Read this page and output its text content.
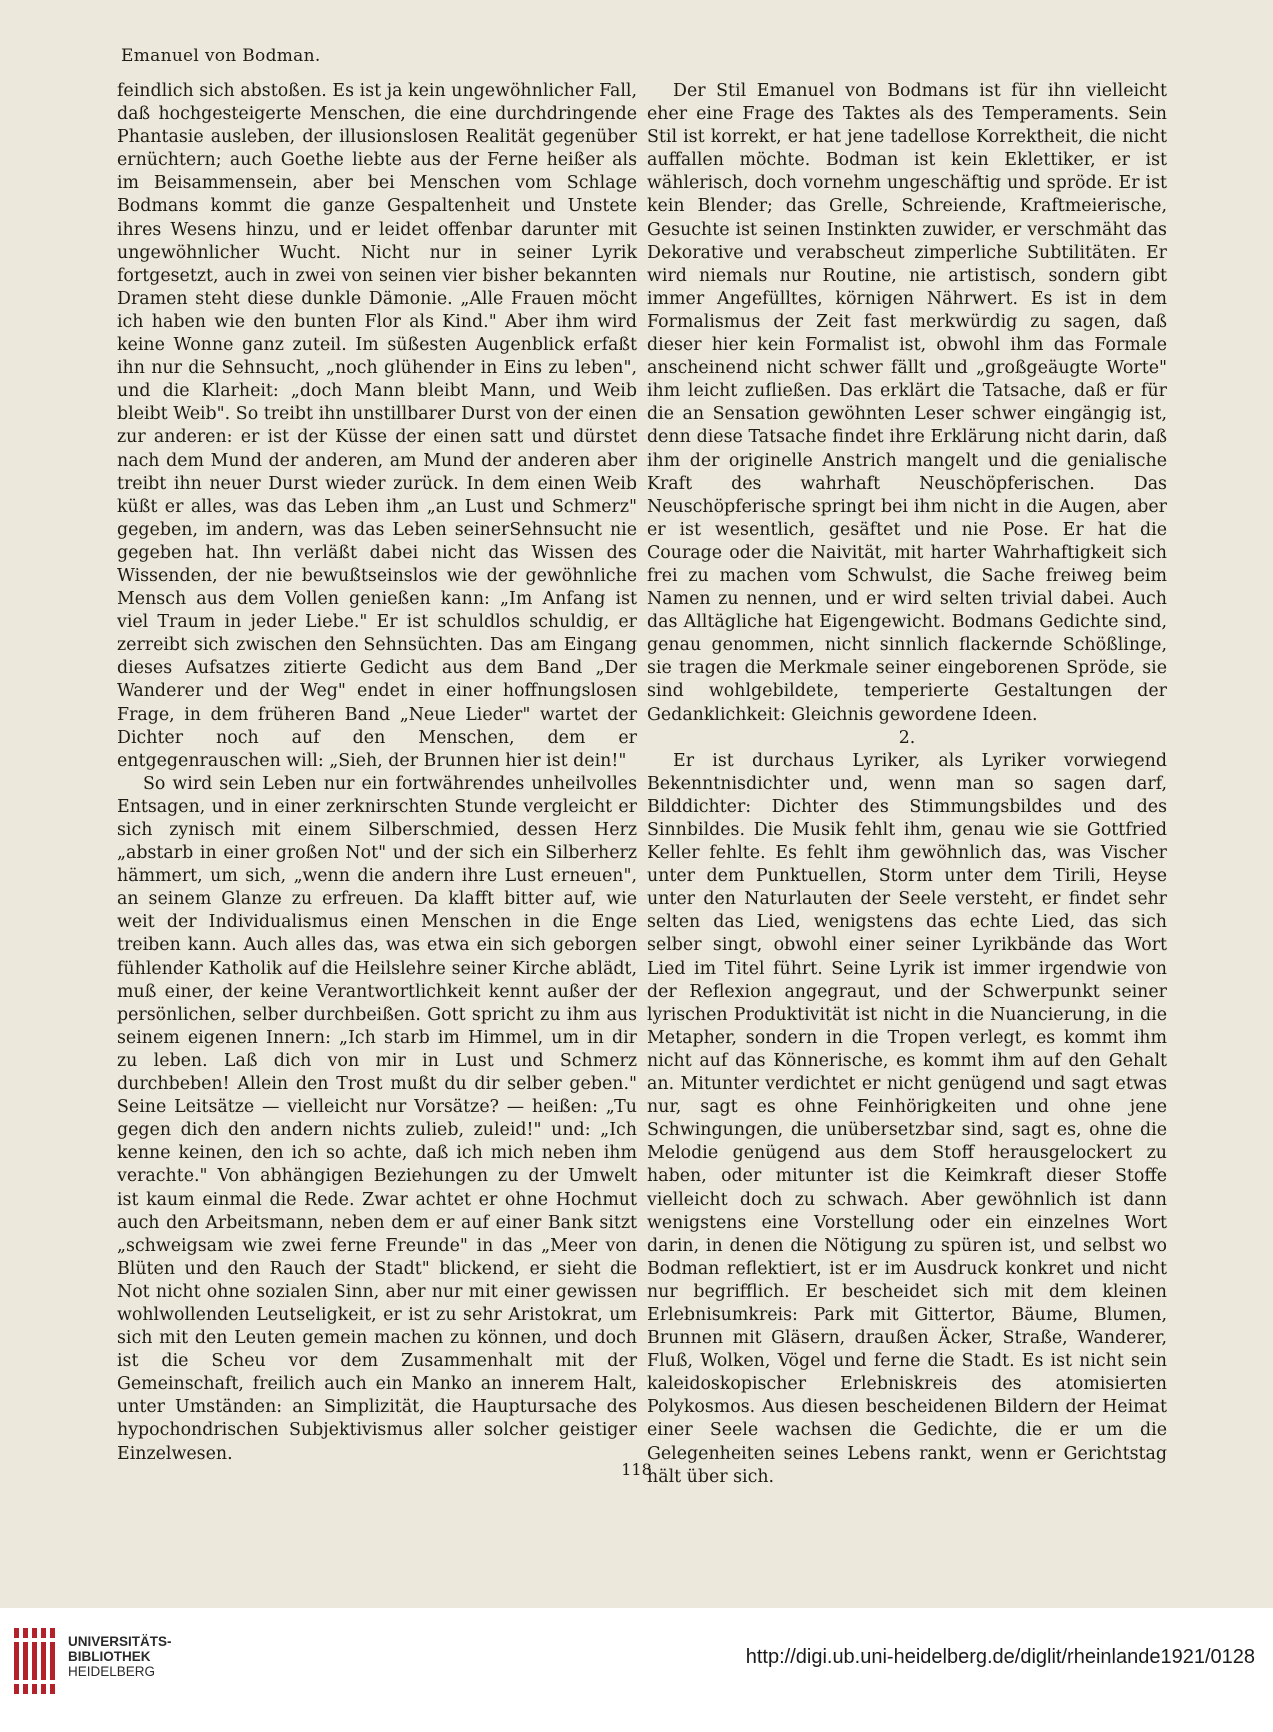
Emanuel von Bodman.

feindlich sich abstoßen. Es ist ja kein ungewöhnlicher Fall, daß hochgesteigerte Menschen, die eine durchdringende Phantasie ausleben, der illusionslosen Realität gegenüber ernüchtern; auch Goethe liebte aus der Ferne heißer als im Beisammensein, aber bei Menschen vom Schlage Bodmans kommt die ganze Gespaltenheit und Unstete ihres Wesens hinzu, und er leidet offenbar darunter mit ungewöhnlicher Wucht. Nicht nur in seiner Lyrik fortgesetzt, auch in zwei von seinen vier bisher bekannten Dramen steht diese dunkle Dämonie. „Alle Frauen möcht ich haben wie den bunten Flor als Kind." Aber ihm wird keine Wonne ganz zuteil. Im süßesten Augenblick erfaßt ihn nur die Sehnsucht, „noch glühender in Eins zu leben", und die Klarheit: „doch Mann bleibt Mann, und Weib bleibt Weib". So treibt ihn unstillbarer Durst von der einen zur anderen: er ist der Küsse der einen satt und dürstet nach dem Mund der anderen, am Mund der anderen aber treibt ihn neuer Durst wieder zurück. In dem einen Weib küßt er alles, was das Leben ihm „an Lust und Schmerz" gegeben, im andern, was das Leben seinerSehnsucht nie gegeben hat. Ihn verläßt dabei nicht das Wissen des Wissenden, der nie bewußtseinslos wie der gewöhnliche Mensch aus dem Vollen genießen kann: „Im Anfang ist viel Traum in jeder Liebe." Er ist schuldlos schuldig, er zerreibt sich zwischen den Sehnsüchten. Das am Eingang dieses Aufsatzes zitierte Gedicht aus dem Band „Der Wanderer und der Weg" endet in einer hoffnungslosen Frage, in dem früheren Band „Neue Lieder" wartet der Dichter noch auf den Menschen, dem er entgegenrauschen will: „Sieh, der Brunnen hier ist dein!"

So wird sein Leben nur ein fortwährendes unheilvolles Entsagen, und in einer zerknirschten Stunde vergleicht er sich zynisch mit einem Silberschmied, dessen Herz „abstarb in einer großen Not" und der sich ein Silberherz hämmert, um sich, „wenn die andern ihre Lust erneuen", an seinem Glanze zu erfreuen. Da klafft bitter auf, wie weit der Individualismus einen Menschen in die Enge treiben kann. Auch alles das, was etwa ein sich geborgen fühlender Katholik auf die Heilslehre seiner Kirche ablädt, muß einer, der keine Verantwortlichkeit kennt außer der persönlichen, selber durchbeißen. Gott spricht zu ihm aus seinem eigenen Innern: „Ich starb im Himmel, um in dir zu leben. Laß dich von mir in Lust und Schmerz durchbeben! Allein den Trost mußt du dir selber geben." Seine Leitsätze — vielleicht nur Vorsätze? — heißen: „Tu gegen dich den andern nichts zulieb, zuleid!" und: „Ich kenne keinen, den ich so achte, daß ich mich neben ihm verachte." Von abhängigen Beziehungen zu der Umwelt ist kaum einmal die Rede. Zwar achtet er ohne Hochmut auch den Arbeitsmann, neben dem er auf einer Bank sitzt „schweigsam wie zwei ferne Freunde" in das „Meer von Blüten und den Rauch der Stadt" blickend, er sieht die Not nicht ohne sozialen Sinn, aber nur mit einer gewissen wohlwollenden Leutseligkeit, er ist zu sehr Aristokrat, um sich mit den Leuten gemein machen zu können, und doch ist die Scheu vor dem Zusammenhalt mit der Gemeinschaft, freilich auch ein Manko an innerem Halt, unter Umständen: an Simplizität, die Hauptursache des hypochondrischen Subjektivismus aller solcher geistiger Einzelwesen.

Der Stil Emanuel von Bodmans ist für ihn vielleicht eher eine Frage des Taktes als des Temperaments. Sein Stil ist korrekt, er hat jene tadellose Korrektheit, die nicht auffallen möchte. Bodman ist kein Eklettiker, er ist wählerisch, doch vornehm ungeschäftig und spröde. Er ist kein Blender; das Grelle, Schreiende, Kraftmeierische, Gesuchte ist seinen Instinkten zuwider, er verschmäht das Dekorative und verabscheut zimperliche Subtilitäten. Er wird niemals nur Routine, nie artistisch, sondern gibt immer Angefülltes, körnigen Nährwert. Es ist in dem Formalismus der Zeit fast merkwürdig zu sagen, daß dieser hier kein Formalist ist, obwohl ihm das Formale anscheinend nicht schwer fällt und „großgeäugte Worte" ihm leicht zufließen. Das erklärt die Tatsache, daß er für die an Sensation gewöhnten Leser schwer eingängig ist, denn diese Tatsache findet ihre Erklärung nicht darin, daß ihm der originelle Anstrich mangelt und die genialische Kraft des wahrhaft Neuschöpferischen. Das Neuschöpferische springt bei ihm nicht in die Augen, aber er ist wesentlich, gesäftet und nie Pose. Er hat die Courage oder die Naivität, mit harter Wahrhaftigkeit sich frei zu machen vom Schwulst, die Sache freiweg beim Namen zu nennen, und er wird selten trivial dabei. Auch das Alltägliche hat Eigengewicht. Bodmans Gedichte sind, genau genommen, nicht sinnlich flackernde Schößlinge, sie tragen die Merkmale seiner eingeborenen Spröde, sie sind wohlgebildete, temperierte Gestaltungen der Gedanklichkeit: Gleichnis gewordene Ideen.

2.

Er ist durchaus Lyriker, als Lyriker vorwiegend Bekenntnisdichter und, wenn man so sagen darf, Bilddichter: Dichter des Stimmungsbildes und des Sinnbildes. Die Musik fehlt ihm, genau wie sie Gottfried Keller fehlte. Es fehlt ihm gewöhnlich das, was Vischer unter dem Punktuellen, Storm unter dem Tirili, Heyse unter den Naturlauten der Seele versteht, er findet sehr selten das Lied, wenigstens das echte Lied, das sich selber singt, obwohl einer seiner Lyrikbände das Wort Lied im Titel führt. Seine Lyrik ist immer irgendwie von der Reflexion angegraut, und der Schwerpunkt seiner lyrischen Produktivität ist nicht in die Nuancierung, in die Metapher, sondern in die Tropen verlegt, es kommt ihm nicht auf das Könnerische, es kommt ihm auf den Gehalt an. Mitunter verdichtet er nicht genügend und sagt etwas nur, sagt es ohne Feinhörigkeiten und ohne jene Schwingungen, die unübersetzbar sind, sagt es, ohne die Melodie genügend aus dem Stoff herausgelockert zu haben, oder mitunter ist die Keimkraft dieser Stoffe vielleicht doch zu schwach. Aber gewöhnlich ist dann wenigstens eine Vorstellung oder ein einzelnes Wort darin, in denen die Nötigung zu spüren ist, und selbst wo Bodman reflektiert, ist er im Ausdruck konkret und nicht nur begrifflich. Er bescheidet sich mit dem kleinen Erlebnisumkreis: Park mit Gittertor, Bäume, Blumen, Brunnen mit Gläsern, draußen Äcker, Straße, Wanderer, Fluß, Wolken, Vögel und ferne die Stadt. Es ist nicht sein kaleidoskopischer Erlebniskreis des atomisierten Polykosmos. Aus diesen bescheidenen Bildern der Heimat einer Seele wachsen die Gedichte, die er um die Gelegenheiten seines Lebens rankt, wenn er Gerichtstag hält über sich.

118
UNIVERSITÄTS-
BIBLIOTHEK
HEIDELBERG
http://digi.ub.uni-heidelberg.de/diglit/rheinlande1921/0128
